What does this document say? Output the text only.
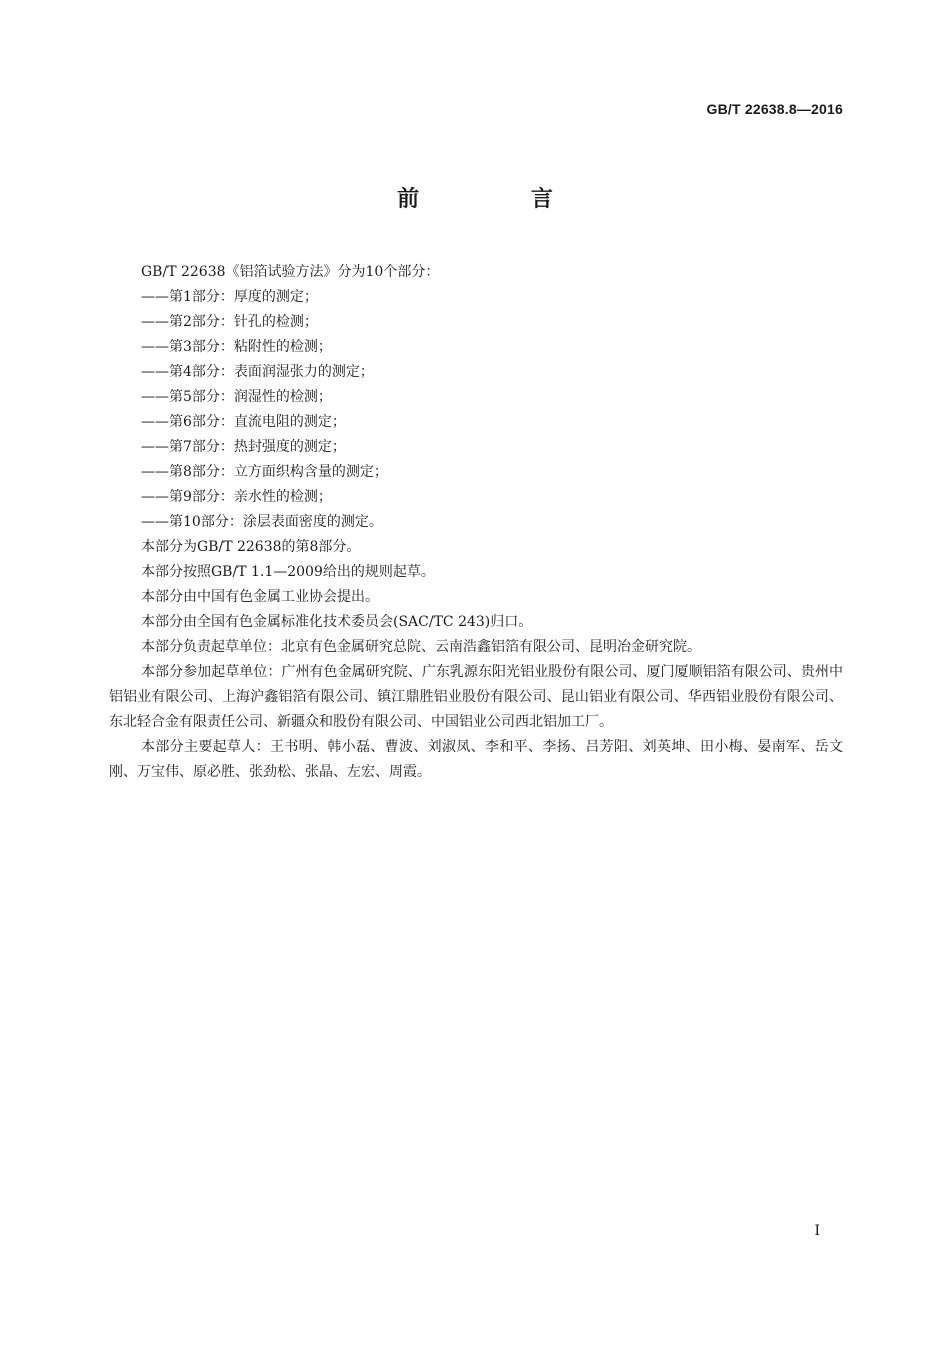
GB/T 22638.8—2016
前 言

GB/T 22638《铝箔试验方法》分为10个部分：

——第1部分：厚度的测定；

——第2部分：针孔的检测；

——第3部分：粘附性的检测；

——第4部分：表面润湿张力的测定；

——第5部分：润湿性的检测；

——第6部分：直流电阻的测定；

——第7部分：热封强度的测定；

——第8部分：立方面织构含量的测定；

——第9部分：亲水性的检测；

——第10部分：涂层表面密度的测定。

本部分为GB/T 22638的第8部分。

本部分按照GB/T 1.1—2009给出的规则起草。

本部分由中国有色金属工业协会提出。

本部分由全国有色金属标准化技术委员会(SAC/TC 243)归口。

本部分负责起草单位：北京有色金属研究总院、云南浩鑫铝箔有限公司、昆明冶金研究院。

本部分参加起草单位：广州有色金属研究院、广东乳源东阳光铝业股份有限公司、厦门厦顺铝箔有限公司、贵州中铝铝业有限公司、上海沪鑫铝箔有限公司、镇江鼎胜铝业股份有限公司、昆山铝业有限公司、华西铝业股份有限公司、东北轻合金有限责任公司、新疆众和股份有限公司、中国铝业公司西北铝加工厂。

本部分主要起草人：王书明、韩小磊、曹波、刘淑凤、李和平、李扬、吕芳阳、刘英坤、田小梅、晏南军、岳文刚、万宝伟、原必胜、张劲松、张晶、左宏、周霞。

I
